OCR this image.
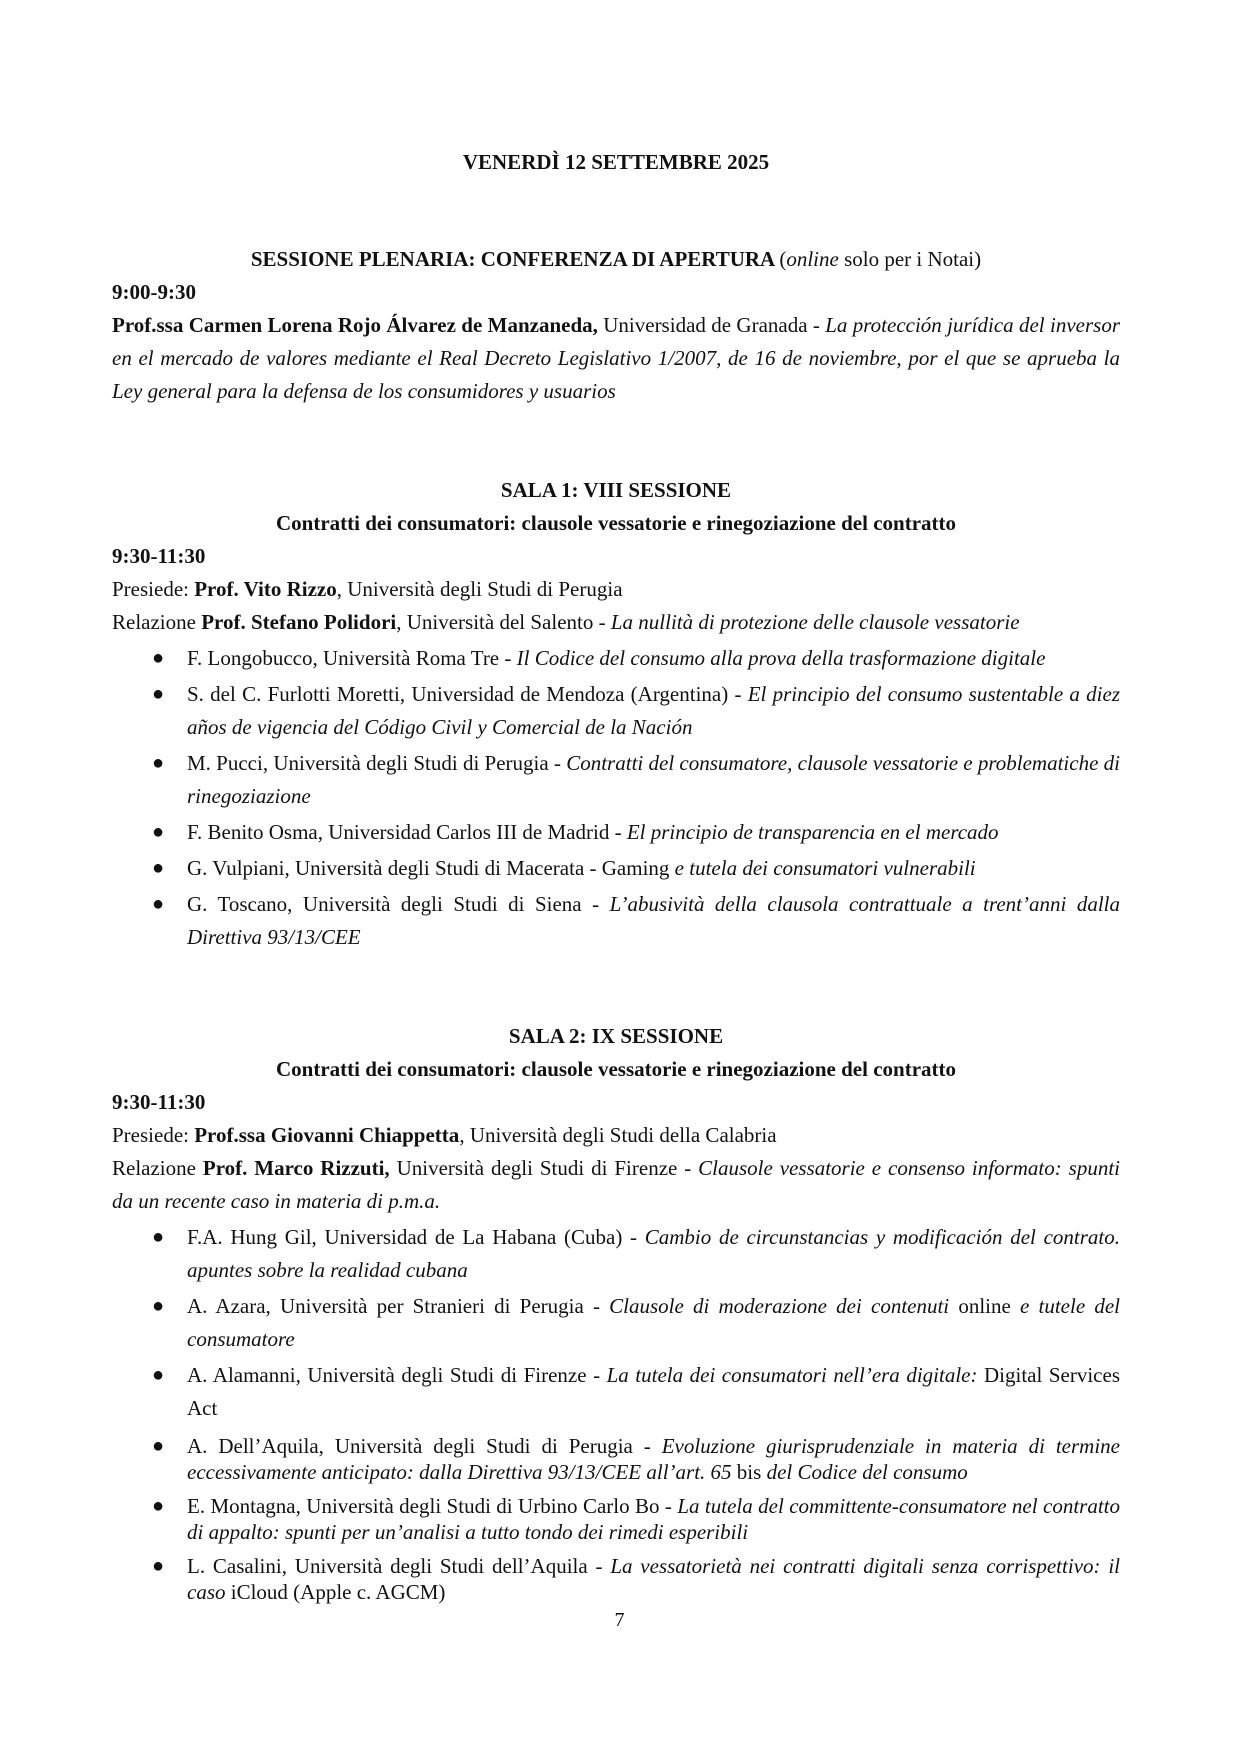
VENERDÌ 12 SETTEMBRE 2025
SESSIONE PLENARIA: CONFERENZA DI APERTURA (online solo per i Notai)
9:00-9:30
Prof.ssa Carmen Lorena Rojo Álvarez de Manzaneda, Universidad de Granada - La protección jurídica del inversor en el mercado de valores mediante el Real Decreto Legislativo 1/2007, de 16 de noviembre, por el que se aprueba la Ley general para la defensa de los consumidores y usuarios
SALA 1: VIII SESSIONE
Contratti dei consumatori: clausole vessatorie e rinegoziazione del contratto
9:30-11:30
Presiede: Prof. Vito Rizzo, Università degli Studi di Perugia
Relazione Prof. Stefano Polidori, Università del Salento - La nullità di protezione delle clausole vessatorie
● F. Longobucco, Università Roma Tre - Il Codice del consumo alla prova della trasformazione digitale
● S. del C. Furlotti Moretti, Universidad de Mendoza (Argentina) - El principio del consumo sustentable a diez años de vigencia del Código Civil y Comercial de la Nación
● M. Pucci, Università degli Studi di Perugia - Contratti del consumatore, clausole vessatorie e problematiche di rinegoziazione
● F. Benito Osma, Universidad Carlos III de Madrid - El principio de transparencia en el mercado
● G. Vulpiani, Università degli Studi di Macerata - Gaming e tutela dei consumatori vulnerabili
● G. Toscano, Università degli Studi di Siena - L’abusività della clausola contrattuale a trent’anni dalla Direttiva 93/13/CEE
SALA 2: IX SESSIONE
Contratti dei consumatori: clausole vessatorie e rinegoziazione del contratto
9:30-11:30
Presiede: Prof.ssa Giovanni Chiappetta, Università degli Studi della Calabria
Relazione Prof. Marco Rizzuti, Università degli Studi di Firenze - Clausole vessatorie e consenso informato: spunti da un recente caso in materia di p.m.a.
● F.A. Hung Gil, Universidad de La Habana (Cuba) - Cambio de circunstancias y modificación del contrato. apuntes sobre la realidad cubana
● A. Azara, Università per Stranieri di Perugia - Clausole di moderazione dei contenuti online e tutele del consumatore
● A. Alamanni, Università degli Studi di Firenze - La tutela dei consumatori nell’era digitale: Digital Services Act
● A. Dell’Aquila, Università degli Studi di Perugia - Evoluzione giurisprudenziale in materia di termine eccessivamente anticipato: dalla Direttiva 93/13/CEE all’art. 65 bis del Codice del consumo
● E. Montagna, Università degli Studi di Urbino Carlo Bo - La tutela del committente-consumatore nel contratto di appalto: spunti per un’analisi a tutto tondo dei rimedi esperibili
● L. Casalini, Università degli Studi dell’Aquila - La vessatorietà nei contratti digitali senza corrispettivo: il caso iCloud (Apple c. AGCM)
7
